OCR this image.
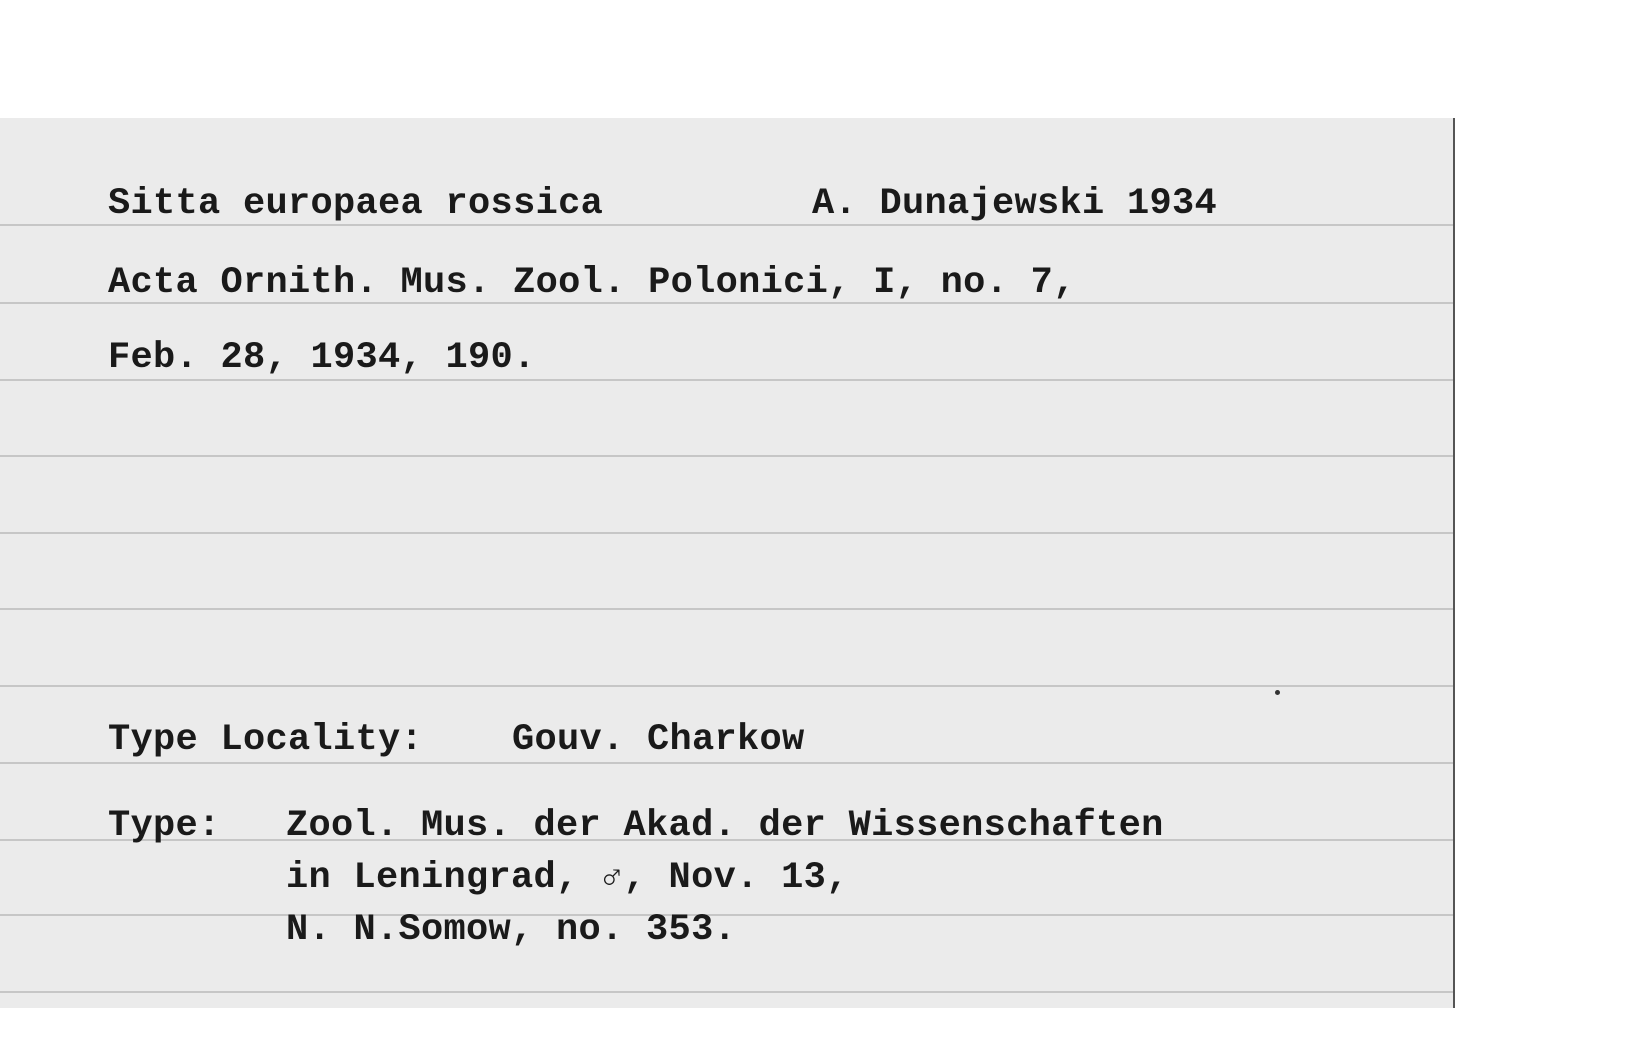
Sitta europaea rossica	A. Dunajewski 1934

Acta Ornith. Mus. Zool. Polonici, I, no. 7,

Feb. 28, 1934, 190.

Type Locality: Gouv. Charkow

Type: Zool. Mus. der Akad. der Wissenschaften

in Leningrad, ♂, Nov. 13,

N. N.Somow, no. 353.
